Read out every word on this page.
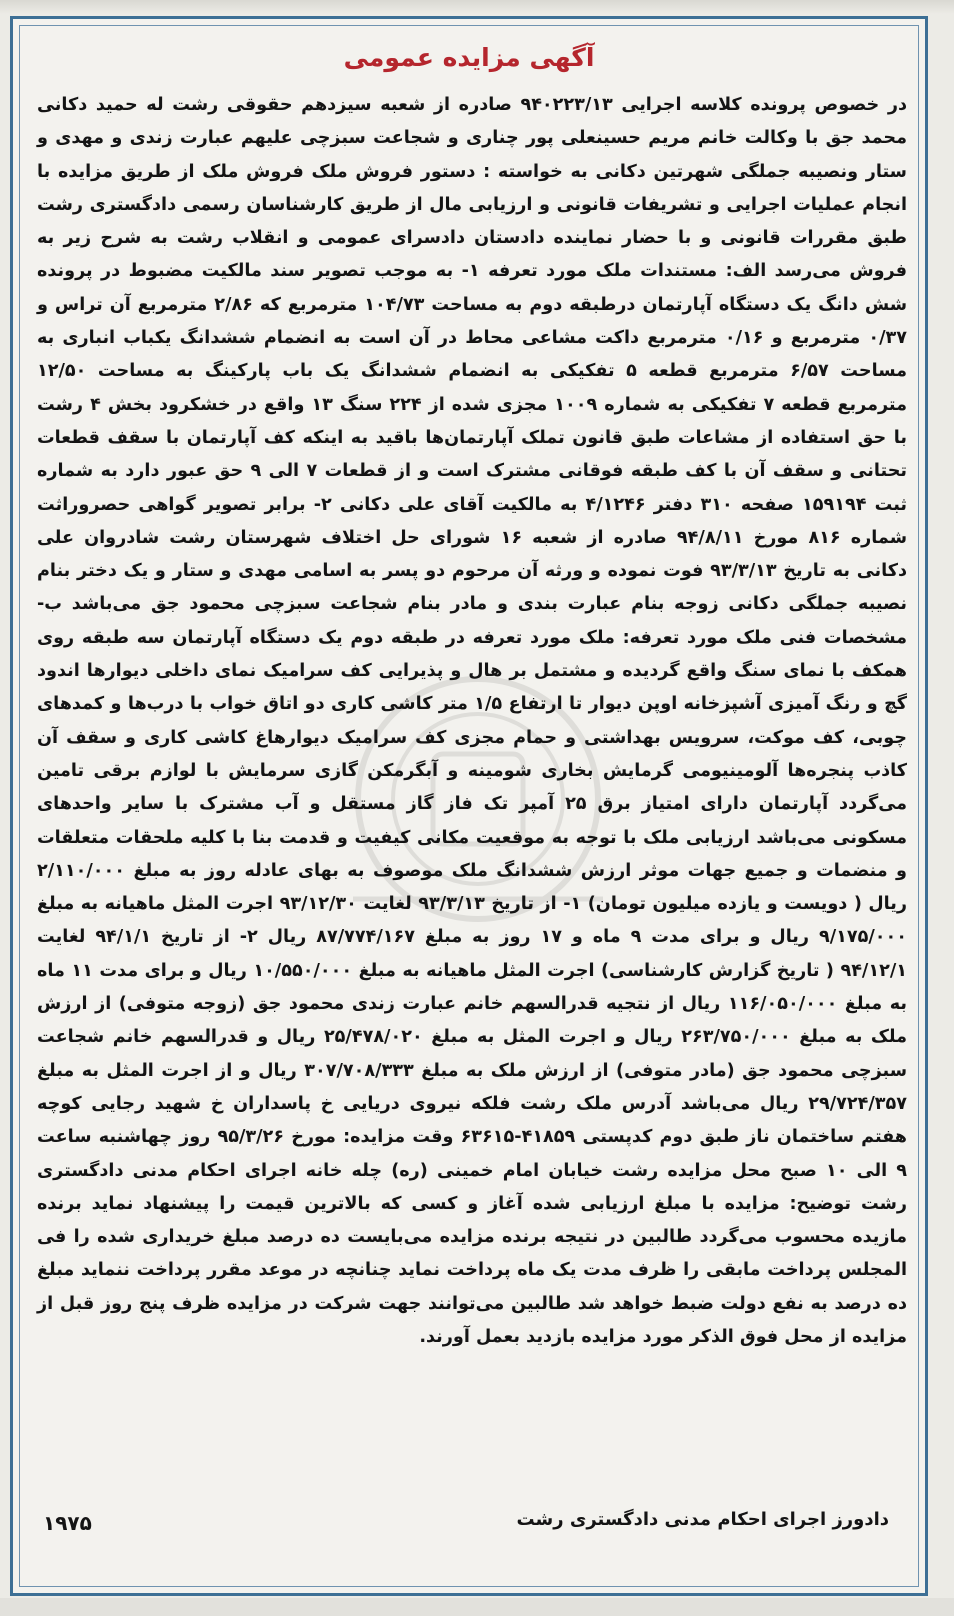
آگهی مزایده عمومی
در خصوص پرونده کلاسه اجرایی ۹۴۰۲۲۳/۱۳ صادره از شعبه سیزدهم حقوقی رشت له حمید دکانی محمد جق با وکالت خانم مریم حسینعلی پور چناری و شجاعت سبزچی علیهم عبارت زندی و مهدی و ستار ونصیبه جملگی شهرتین دکانی به خواسته : دستور فروش ملک فروش ملک از طریق مزایده با انجام عملیات اجرایی و تشریفات قانونی و ارزیابی مال از طریق کارشناسان رسمی دادگستری رشت طبق مقررات قانونی و با حضار نماینده دادستان دادسرای عمومی و انقلاب رشت به شرح زیر به فروش می‌رسد الف: مستندات ملک مورد تعرفه ۱- به موجب تصویر سند مالکیت مضبوط در پرونده شش دانگ یک دستگاه آپارتمان درطبقه دوم به مساحت ۱۰۴/۷۳ مترمربع که ۲/۸۶ مترمربع آن تراس و ۰/۳۷ مترمربع و ۰/۱۶ مترمربع داکت مشاعی محاط در آن است به انضمام ششدانگ یکباب انباری به مساحت ۶/۵۷ مترمربع قطعه ۵ تفکیکی به انضمام ششدانگ یک باب پارکینگ به مساحت ۱۲/۵۰ مترمربع قطعه ۷ تفکیکی به شماره ۱۰۰۹ مجزی شده از ۲۲۴ سنگ ۱۳ واقع در خشکرود بخش ۴ رشت با حق استفاده از مشاعات طبق قانون تملک آپارتمان‌ها باقید به اینکه کف آپارتمان با سقف قطعات تحتانی و سقف آن با کف طبقه فوقانی مشترک است و از قطعات ۷ الی ۹ حق عبور دارد به شماره ثبت ۱۵۹۱۹۴ صفحه ۳۱۰ دفتر ۴/۱۲۴۶ به مالکیت آقای علی دکانی ۲- برابر تصویر گواهی حصروراثت شماره ۸۱۶ مورخ ۹۴/۸/۱۱ صادره از شعبه ۱۶ شورای حل اختلاف شهرستان رشت شادروان علی دکانی به تاریخ ۹۳/۳/۱۳ فوت نموده و ورثه آن مرحوم دو پسر به اسامی مهدی و ستار و یک دختر بنام نصیبه جملگی دکانی زوجه بنام عبارت بندی و مادر بنام شجاعت سبزچی محمود جق می‌باشد ب- مشخصات فنی ملک مورد تعرفه: ملک مورد تعرفه در طبقه دوم یک دستگاه آپارتمان سه طبقه روی همکف با نمای سنگ واقع گردیده و مشتمل بر هال و پذیرایی کف سرامیک نمای داخلی دیوارها اندود گچ و رنگ آمیزی آشپزخانه اوپن دیوار تا ارتفاع ۱/۵ متر کاشی کاری دو اتاق خواب با درب‌ها و کمدهای چوبی، کف موکت، سرویس بهداشتی و حمام مجزی کف سرامیک دیوارهاغ کاشی کاری و سقف آن کاذب پنجره‌ها آلومینیومی گرمایش بخاری شومینه و آبگرمکن گازی سرمایش با لوازم برقی تامین می‌گردد آپارتمان دارای امتیاز برق ۲۵ آمپر تک فاز گاز مستقل و آب مشترک با سایر واحدهای مسکونی می‌باشد ارزیابی ملک با توجه به موقعیت مکانی کیفیت و قدمت بنا با کلیه ملحقات متعلقات و منضمات و جمیع جهات موثر ارزش ششدانگ ملک موصوف به بهای عادله روز به مبلغ ۲/۱۱۰/۰۰۰ ریال ( دویست و یازده میلیون تومان) ۱- از تاریخ ۹۳/۳/۱۳ لغایت ۹۳/۱۲/۳۰ اجرت المثل ماهیانه به مبلغ ۹/۱۷۵/۰۰۰ ریال و برای مدت ۹ ماه و ۱۷ روز به مبلغ ۸۷/۷۷۴/۱۶۷ ریال ۲- از تاریخ ۹۴/۱/۱ لغایت ۹۴/۱۲/۱ ( تاریخ گزارش کارشناسی) اجرت المثل ماهیانه به مبلغ ۱۰/۵۵۰/۰۰۰ ریال و برای مدت ۱۱ ماه به مبلغ ۱۱۶/۰۵۰/۰۰۰ ریال از نتجیه قدرالسهم خانم عبارت زندی محمود جق (زوجه متوفی) از ارزش ملک به مبلغ ۲۶۳/۷۵۰/۰۰۰ ریال و اجرت المثل به مبلغ ۲۵/۴۷۸/۰۲۰ ریال و قدرالسهم خانم شجاعت سبزچی محمود جق (مادر متوفی) از ارزش ملک به مبلغ ۳۰۷/۷۰۸/۳۳۳ ریال و از اجرت المثل به مبلغ ۲۹/۷۲۴/۳۵۷ ریال می‌باشد آدرس ملک رشت فلکه نیروی دریایی خ پاسداران خ شهید رجایی کوچه هفتم ساختمان ناز طبق دوم کدپستی ۴۱۸۵۹-۶۳۶۱۵ وقت مزایده: مورخ ۹۵/۳/۲۶ روز چهاشنبه ساعت ۹ الی ۱۰ صبح محل مزایده رشت خیابان امام خمینی (ره) چله خانه اجرای احکام مدنی دادگستری رشت توضیح: مزایده با مبلغ ارزیابی شده آغاز و کسی که بالاترین قیمت را پیشنهاد نماید برنده مازیده محسوب می‌گردد طالبین در نتیجه برنده مزایده می‌بایست ده درصد مبلغ خریداری شده را فی المجلس پرداخت مابقی را ظرف مدت یک ماه پرداخت نماید چنانچه در موعد مقرر پرداخت ننماید مبلغ ده درصد به نفع دولت ضبط خواهد شد طالبین می‌توانند جهت شرکت در مزایده ظرف پنج روز قبل از مزایده از محل فوق الذکر مورد مزایده بازدید بعمل آورند.
دادورز اجرای احکام مدنی دادگستری رشت
۱۹۷۵
